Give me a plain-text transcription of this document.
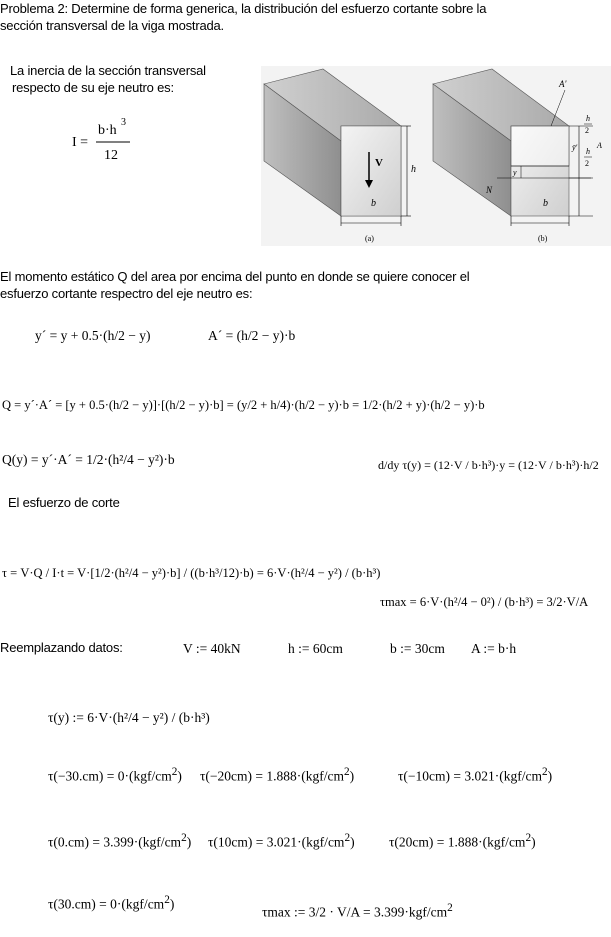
Problema 2: Determine de forma generica, la distribución del esfuerzo cortante sobre la
sección transversal de la viga mostrada.
La inercia de la sección transversal
respecto de su eje neutro es:
I =
b·h
3
12	V
h
b
(a)
N
y
A'
ȳ'
h
2
A
h
2
b
(b)
El momento estático Q del area por encima del punto en donde se quiere conocer el
esfuerzo cortante respectro del eje neutro es:
y´ = y + 0.5·(h/2 − y)	A´ = (h/2 − y)·b
Q = y´·A´ = [y + 0.5·(h/2 − y)]·[(h/2 − y)·b] = (y/2 + h/4)·(h/2 − y)·b = 1/2·(h/2 + y)·(h/2 − y)·b
Q(y) = y´·A´ = 1/2·(h²/4 − y²)·b	d/dy τ(y) = (12·V / b·h³)·y = (12·V / b·h³)·h/2
El esfuerzo de corte
τ = V·Q / I·t = V·[1/2·(h²/4 − y²)·b] / ((b·h³/12)·b) = 6·V·(h²/4 − y²) / (b·h³)
τmax = 6·V·(h²/4 − 0²) / (b·h³) = 3/2·V/A
Reemplazando datos:	V := 40kN	h := 60cm	b := 30cm A := b·h
τ(y) := 6·V·(h²/4 − y²) / (b·h³)
$\tau(-30.cm) = 0\cdot(kgf/cm^2) \tau(-20cm) = 1.888\cdot(kgf/cm^2)$	$\tau(-10cm) = 3.021\cdot(kgf/cm^2)$
$\tau(0.cm) = 3.399\cdot(kgf/cm^2) \tau(10cm) = 3.021\cdot(kgf/cm^2)$	$\tau(20cm) = 1.888\cdot(kgf/cm^2)$
$\tau(30.cm) = 0\cdot(kgf/cm^2)$
τmax := $3/2 \cdot V/A = 3.399\cdot kgf/cm^2$
